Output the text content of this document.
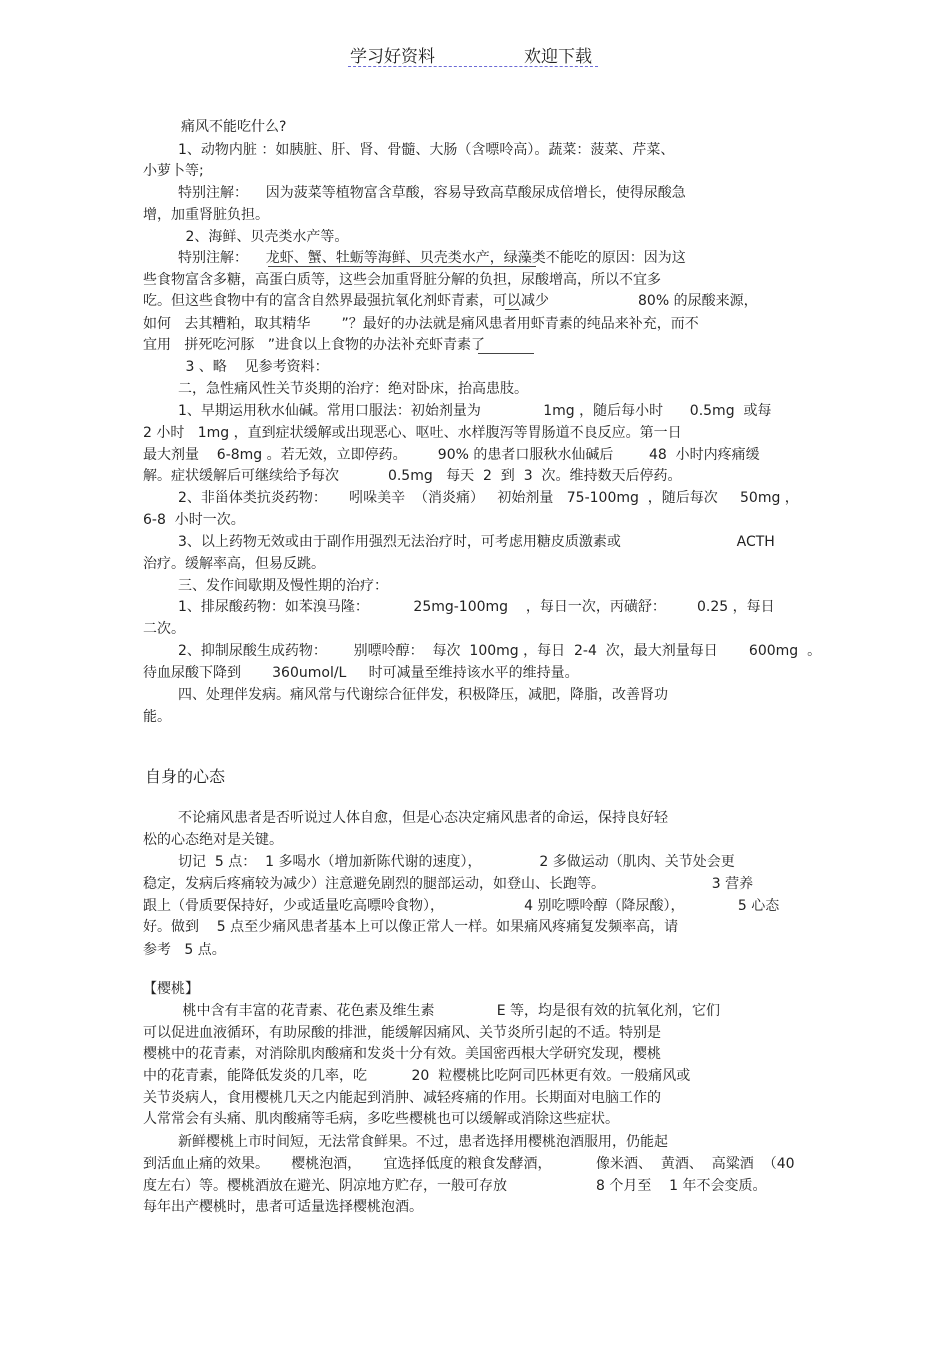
学习好资料	欢迎下载
痛风不能吃什么?
1、动物内脏 ：如胰脏、肝、肾、骨髓、大肠（含嘌呤高）。蔬菜：菠菜、芹菜、
小萝卜等;
特别注解：    因为菠菜等植物富含草酸，容易导致高草酸尿成倍增长，使得尿酸急
增，加重肾脏负担。
2、海鲜、贝壳类水产等。
特别注解：    龙虾、蟹、牡蛎等海鲜、贝壳类水产，绿藻类不能吃的原因：因为这
些食物富含多糖，高蛋白质等，这些会加重肾脏分解的负担，尿酸增高，所以不宜多
吃。但这些食物中有的富含自然界最强抗氧化剂虾青素，可以减少                    80% 的尿酸来源，
如何   去其糟粕，取其精华       ”？最好的办法就是痛风患者用虾青素的纯品来补充，而不
宜用   拼死吃河豚   ”进食以上食物的办法补充虾青素了
3 、略    见参考资料：
二，急性痛风性关节炎期的治疗：绝对卧床，抬高患肢。
1、早期运用秋水仙碱。常用口服法：初始剂量为              1mg ，随后每小时      0.5mg  或每
2 小时   1mg ，直到症状缓解或出现恶心、呕吐、水样腹泻等胃肠道不良反应。第一日
最大剂量    6-8mg 。若无效，立即停药。       90% 的患者口服秋水仙碱后        48  小时内疼痛缓
解。症状缓解后可继续给予每次           0.5mg   每天  2  到  3  次。维持数天后停药。
2、非甾体类抗炎药物：     吲哚美辛  （消炎痛）   初始剂量   75-100mg  ，随后每次     50mg ，
6-8  小时一次。
3、以上药物无效或由于副作用强烈无法治疗时，可考虑用糖皮质激素或                          ACTH
治疗。缓解率高，但易反跳。
三、发作间歇期及慢性期的治疗：
1、排尿酸药物：如苯溴马隆：          25mg-100mg    ，每日一次，丙磺舒：       0.25 ，每日
二次。
2、抑制尿酸生成药物：      别嘌呤醇：  每次  100mg ，每日  2-4  次，最大剂量每日       600mg  。
待血尿酸下降到       360umol/L     时可减量至维持该水平的维持量。
四、处理伴发病。痛风常与代谢综合征伴发，积极降压，减肥，降脂，改善肾功
能。
不论痛风患者是否听说过人体自愈，但是心态决定痛风患者的命运，保持良好轻
松的心态绝对是关键。
切记  5 点：  1 多喝水（增加新陈代谢的速度），             2 多做运动（肌肉、关节处会更
稳定，发病后疼痛较为减少）注意避免剧烈的腿部运动，如登山、长跑等。                        3 营养
跟上（骨质要保持好，少或适量吃高嘌呤食物），                  4 别吃嘌呤醇（降尿酸），            5 心态
好。做到    5 点至少痛风患者基本上可以像正常人一样。如果痛风疼痛复发频率高，请
参考   5 点。
【樱桃】
桃中含有丰富的花青素、花色素及维生素              E 等，均是很有效的抗氧化剂，它们
可以促进血液循环，有助尿酸的排泄，能缓解因痛风、关节炎所引起的不适。特别是
樱桃中的花青素，对消除肌肉酸痛和发炎十分有效。美国密西根大学研究发现，樱桃
中的花青素，能降低发炎的几率，吃          20  粒樱桃比吃阿司匹林更有效。一般痛风或
关节炎病人，食用樱桃几天之内能起到消肿、减轻疼痛的作用。长期面对电脑工作的
人常常会有头痛、肌肉酸痛等毛病，多吃些樱桃也可以缓解或消除这些症状。
新鲜樱桃上市时间短，无法常食鲜果。不过，患者选择用樱桃泡酒服用，仍能起
到活血止痛的效果。     樱桃泡酒，     宜选择低度的粮食发酵酒，          像米酒、  黄酒、  高粱酒  （40
度左右）等。樱桃酒放在避光、阴凉地方贮存，一般可存放                    8 个月至    1 年不会变质。
每年出产樱桃时，患者可适量选择樱桃泡酒。
自身的心态
